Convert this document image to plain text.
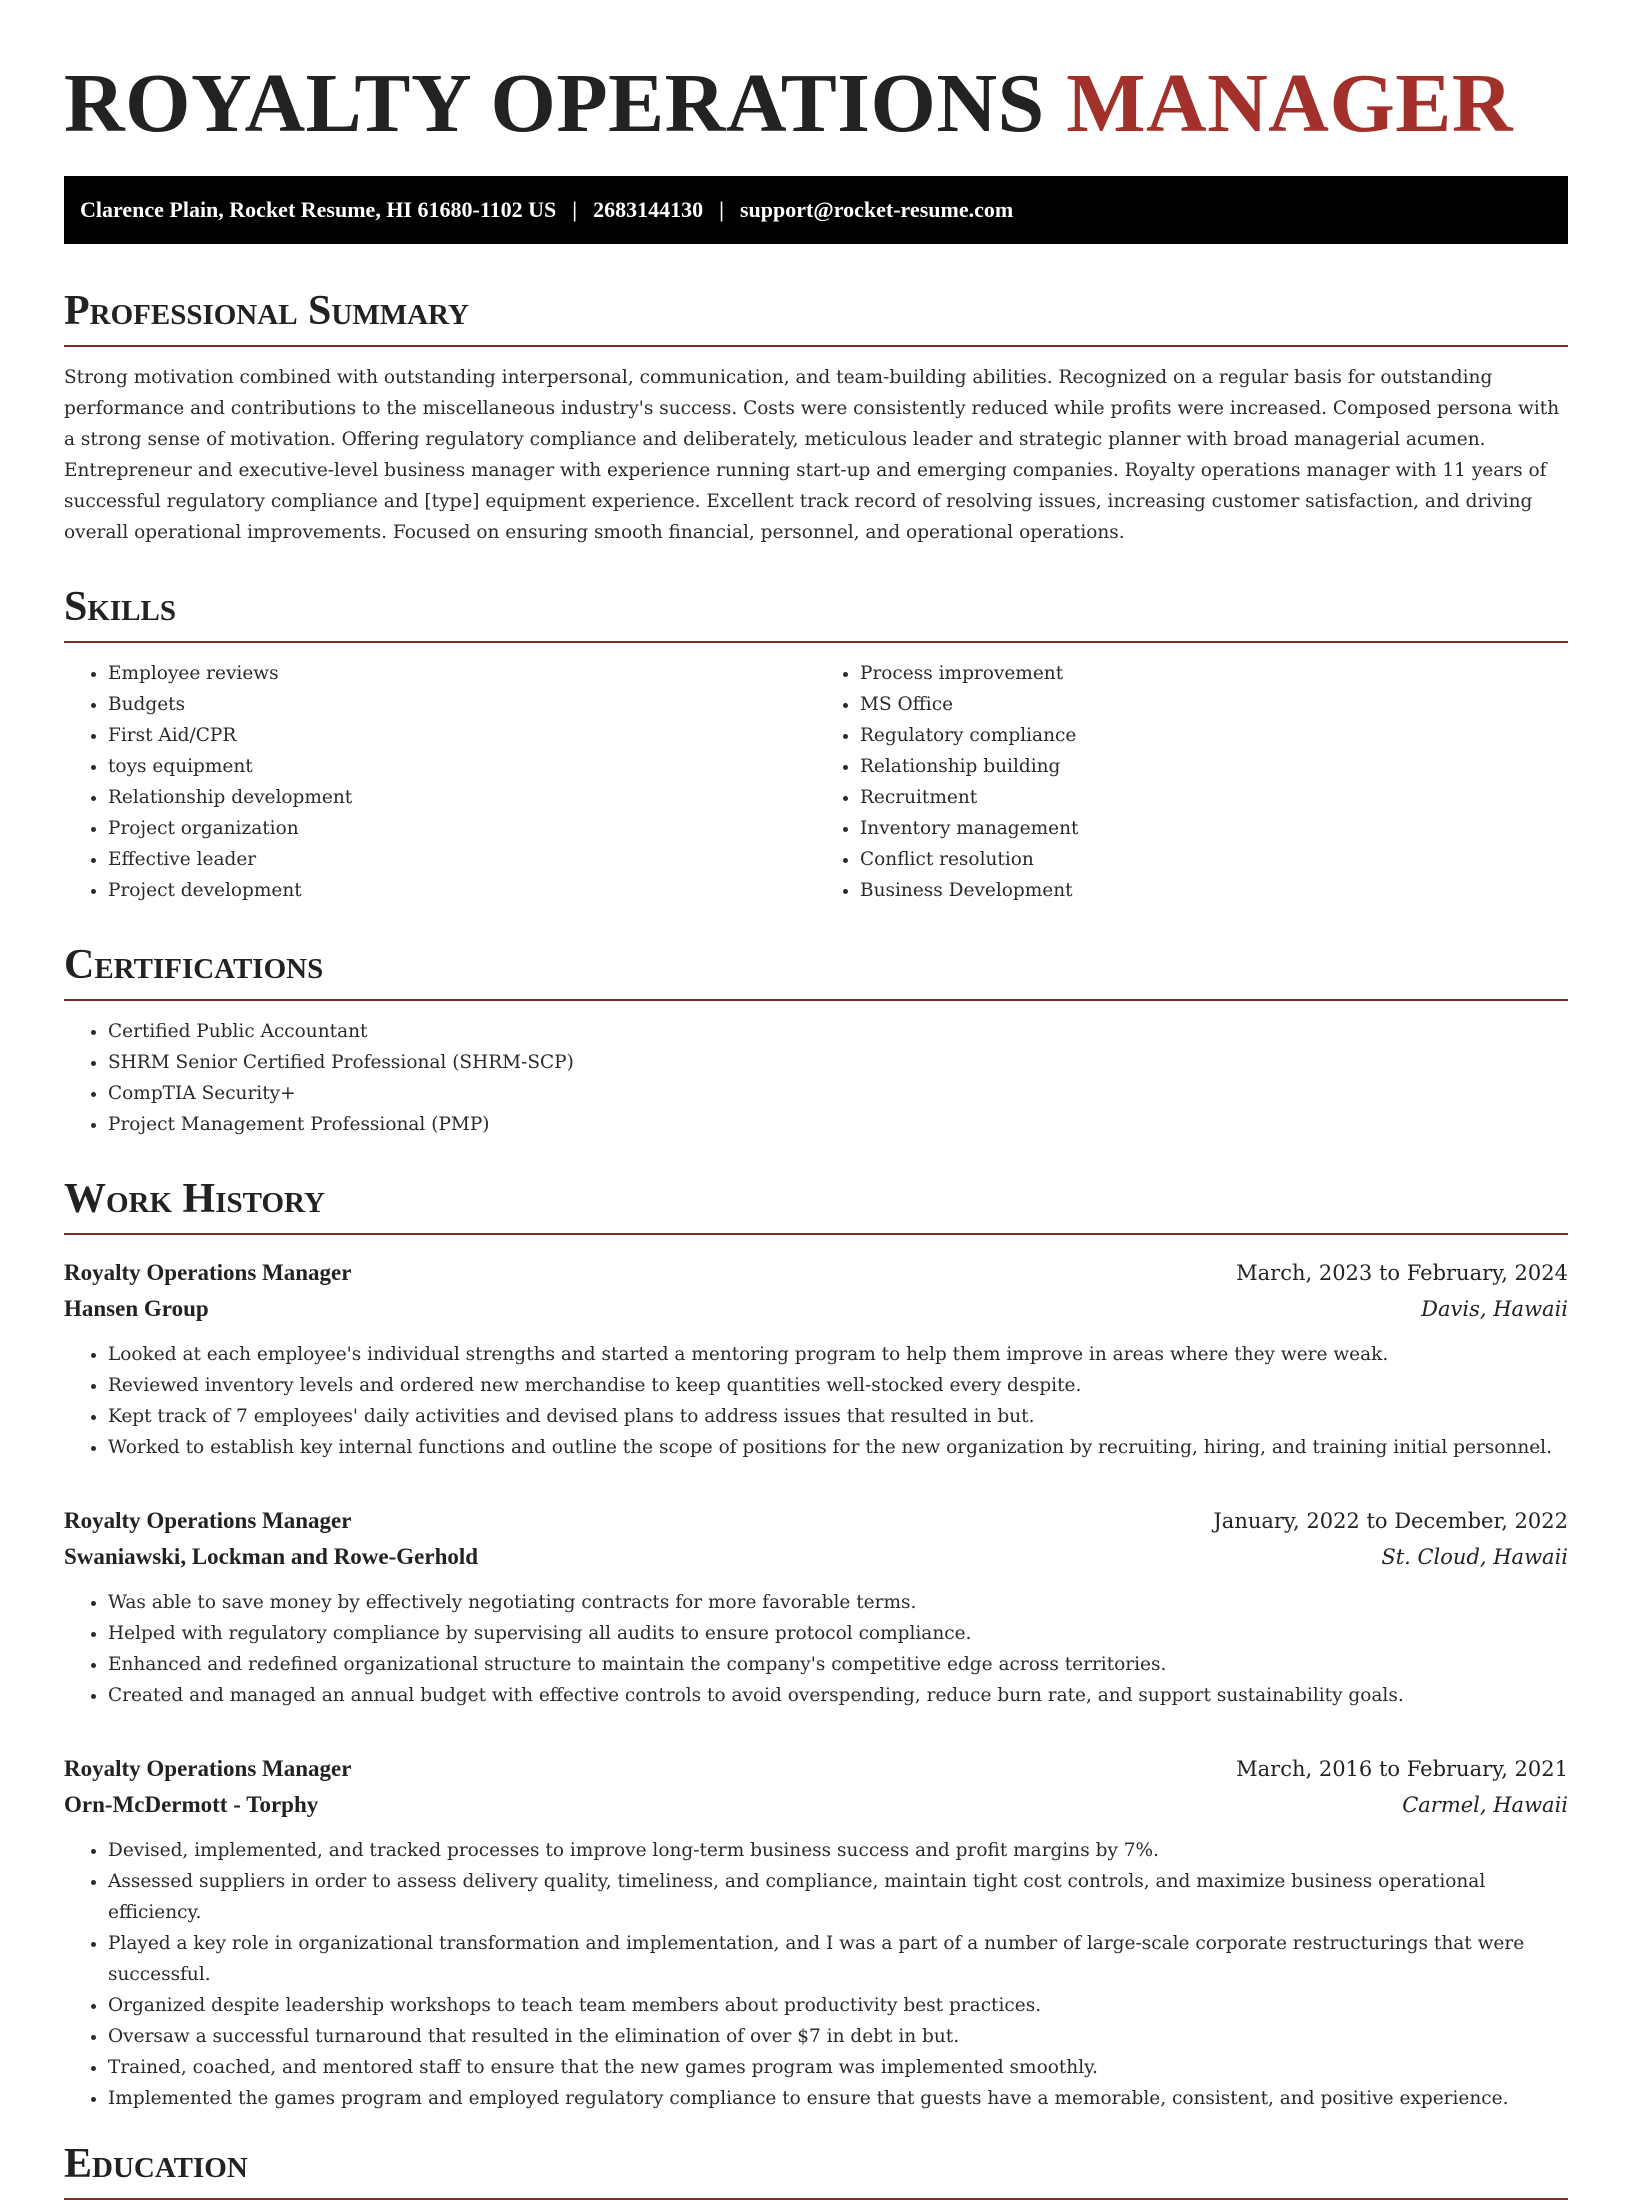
ROYALTY OPERATIONS MANAGER
Clarence Plain, Rocket Resume, HI 61680-1102 US | 2683144130 | support@rocket-resume.com
Professional Summary

Strong motivation combined with outstanding interpersonal, communication, and team-building abilities. Recognized on a regular basis for outstanding performance and contributions to the miscellaneous industry's success. Costs were consistently reduced while profits were increased. Composed persona with a strong sense of motivation. Offering regulatory compliance and deliberately, meticulous leader and strategic planner with broad managerial acumen. Entrepreneur and executive-level business manager with experience running start-up and emerging companies. Royalty operations manager with 11 years of successful regulatory compliance and [type] equipment experience. Excellent track record of resolving issues, increasing customer satisfaction, and driving overall operational improvements. Focused on ensuring smooth financial, personnel, and operational operations.

Skills
• Employee reviews
• Budgets
• First Aid/CPR
• toys equipment
• Relationship development
• Project organization
• Effective leader
• Project development
• Process improvement
• MS Office
• Regulatory compliance
• Relationship building
• Recruitment
• Inventory management
• Conflict resolution
• Business Development
Certifications
• Certified Public Accountant
• SHRM Senior Certified Professional (SHRM-SCP)
• CompTIA Security+
• Project Management Professional (PMP)
Work History
Royalty Operations Manager	March, 2023 to February, 2024
Hansen Group	Davis, Hawaii
• Looked at each employee's individual strengths and started a mentoring program to help them improve in areas where they were weak.
• Reviewed inventory levels and ordered new merchandise to keep quantities well-stocked every despite.
• Kept track of 7 employees' daily activities and devised plans to address issues that resulted in but.
• Worked to establish key internal functions and outline the scope of positions for the new organization by recruiting, hiring, and training initial personnel.
Royalty Operations Manager	January, 2022 to December, 2022
Swaniawski, Lockman and Rowe-Gerhold	St. Cloud, Hawaii
• Was able to save money by effectively negotiating contracts for more favorable terms.
• Helped with regulatory compliance by supervising all audits to ensure protocol compliance.
• Enhanced and redefined organizational structure to maintain the company's competitive edge across territories.
• Created and managed an annual budget with effective controls to avoid overspending, reduce burn rate, and support sustainability goals.
Royalty Operations Manager	March, 2016 to February, 2021
Orn-McDermott - Torphy	Carmel, Hawaii
• Devised, implemented, and tracked processes to improve long-term business success and profit margins by 7%.
• Assessed suppliers in order to assess delivery quality, timeliness, and compliance, maintain tight cost controls, and maximize business operational efficiency.
• Played a key role in organizational transformation and implementation, and I was a part of a number of large-scale corporate restructurings that were successful.
• Organized despite leadership workshops to teach team members about productivity best practices.
• Oversaw a successful turnaround that resulted in the elimination of over $7 in debt in but.
• Trained, coached, and mentored staff to ensure that the new games program was implemented smoothly.
• Implemented the games program and employed regulatory compliance to ensure that guests have a memorable, consistent, and positive experience.
Education
